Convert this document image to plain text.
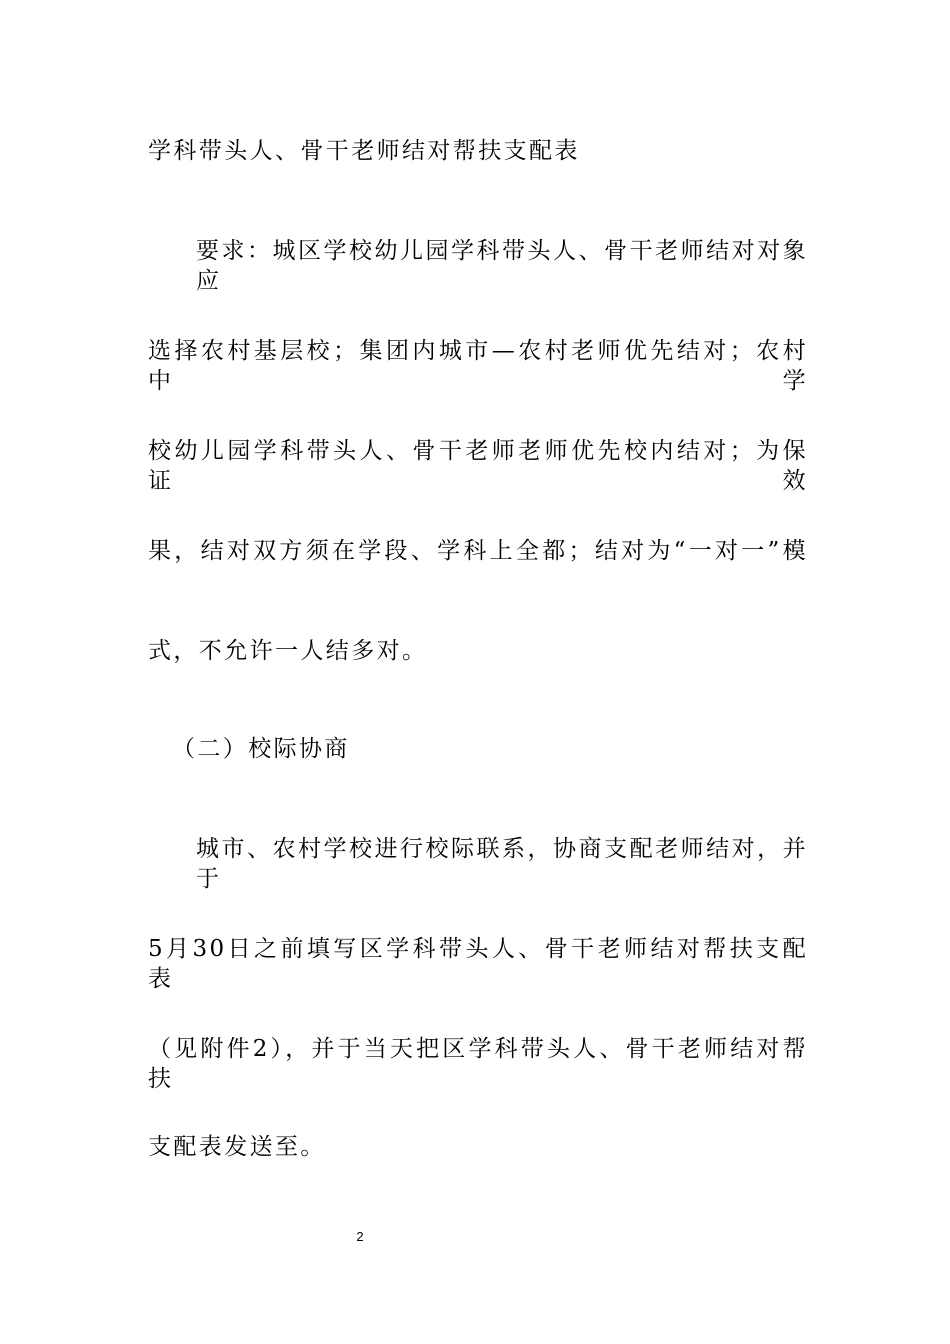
学科带头人、骨干老师结对帮扶支配表
要求：城区学校幼儿园学科带头人、骨干老师结对对象应
选择农村基层校；集团内城市—农村老师优先结对；农村中学
校幼儿园学科带头人、骨干老师老师优先校内结对；为保证效
果，结对双方须在学段、学科上全都；结对为“一对一”模
式，不允许一人结多对。
（二）校际协商
城市、农村学校进行校际联系，协商支配老师结对，并于
5月30日之前填写区学科带头人、骨干老师结对帮扶支配表
（见附件2），并于当天把区学科带头人、骨干老师结对帮扶
支配表发送至。
2
